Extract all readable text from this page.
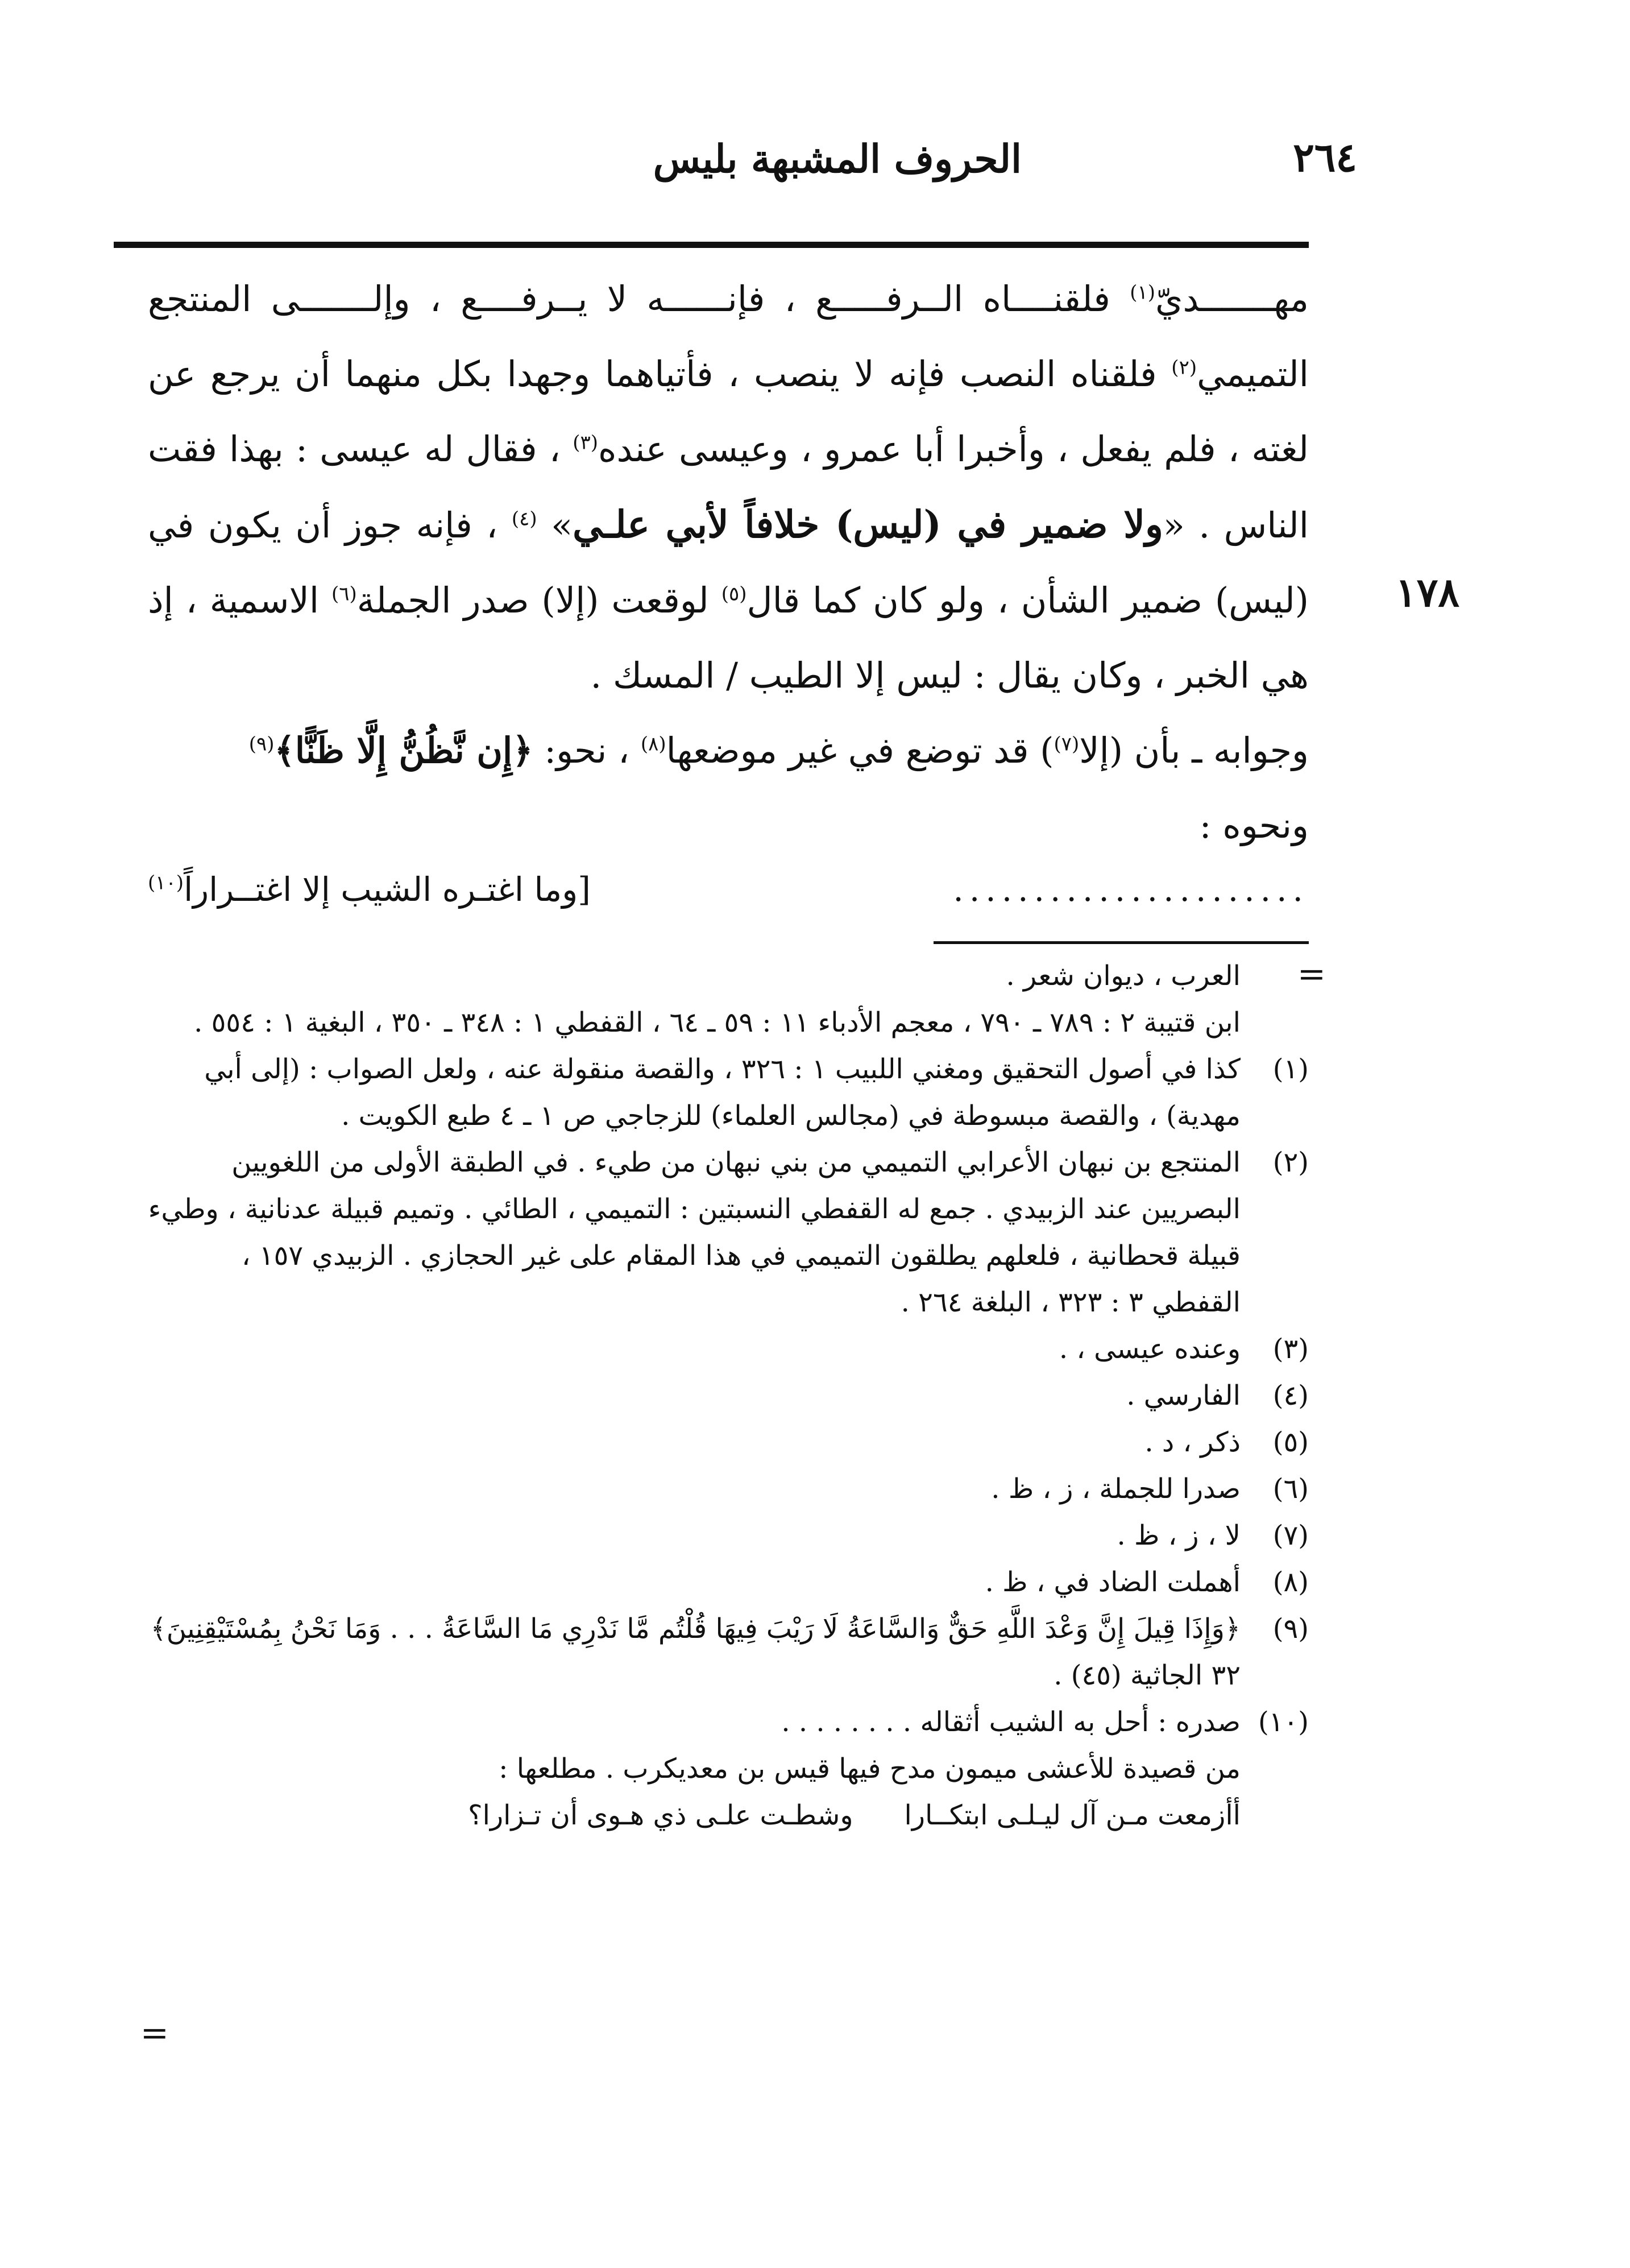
٢٦٤
الحروف المشبهة بليس
١٧٨

مهـــــــديّ$^{(١)}$ فلقنــــاه الــرفـــــع ، فإنــــــه لا يــرفــــع ، وإلـــــــى المنتجع التميمي$^{(٢)}$ فلقناه النصب فإنه لا ينصب ، فأتياهما وجهدا بكل منهما أن يرجع عن لغته ، فلم يفعل ، وأخبرا أبا عمرو ، وعيسى عنده$^{(٣)}$ ، فقال له عيسى : بهذا فقت الناس . «ولا ضمير في (ليس) خلافاً لأبي علـي» $^{(٤)}$ ، فإنه جوز أن يكون في (ليس) ضمير الشأن ، ولو كان كما قال$^{(٥)}$ لوقعت (إلا) صدر الجملة$^{(٦)}$ الاسمية ، إذ هي الخبر ، وكان يقال : ليس إلا الطيب / المسك .

وجوابه ـ بأن (إلا$^{(٧)}$) قد توضع في غير موضعها$^{(٨)}$ ، نحو: ﴿إِن نَّظُنُّ إِلَّا ظَنًّا﴾$^{(٩)}$
ونحوه :

......................
[وما اغتـره الشيب إلا اغتــراراً$^{(١٠)}$

=
العرب ، ديوان شعر .

ابن قتيبة ٢ : ٧٨٩ ـ ٧٩٠ ، معجم الأدباء ١١ : ٥٩ ـ ٦٤ ، القفطي ١ : ٣٤٨ ـ ٣٥٠ ، البغية ١ : ٥٥٤ .

(١)
كذا في أصول التحقيق ومغني اللبيب ١ : ٣٢٦ ، والقصة منقولة عنه ، ولعل الصواب : (إلى أبي مهدية) ، والقصة مبسوطة في (مجالس العلماء) للزجاجي ص ١ ـ ٤ طبع الكويت .

(٢)
المنتجع بن نبهان الأعرابي التميمي من بني نبهان من طيء . في الطبقة الأولى من اللغويين البصريين عند الزبيدي . جمع له القفطي النسبتين : التميمي ، الطائي . وتميم قبيلة عدنانية ، وطيء قبيلة قحطانية ، فلعلهم يطلقون التميمي في هذا المقام على غير الحجازي . الزبيدي ١٥٧ ، القفطي ٣ : ٣٢٣ ، البلغة ٢٦٤ .

(٣)
وعنده عيسى ، .

(٤)
الفارسي .

(٥)
ذكر ، د .

(٦)
صدرا للجملة ، ز ، ظ .

(٧)
لا ، ز ، ظ .

(٨)
أهملت الضاد في ، ظ .

(٩)
﴿وَإِذَا قِيلَ إِنَّ وَعْدَ اللَّهِ حَقٌّ وَالسَّاعَةُ لَا رَيْبَ فِيهَا قُلْتُم مَّا نَدْرِي مَا السَّاعَةُ . . . وَمَا نَحْنُ بِمُسْتَيْقِنِينَ﴾ ٣٢ الجاثية (٤٥) .

(١٠)
صدره : أحل به الشيب أثقاله . . . . . . . .

من قصيدة للأعشى ميمون مدح فيها قيس بن معديكرب . مطلعها :

أأزمعت مـن آل ليـلـى ابتكــارا
وشطـت علـى ذي هـوى أن تـزارا؟

=
